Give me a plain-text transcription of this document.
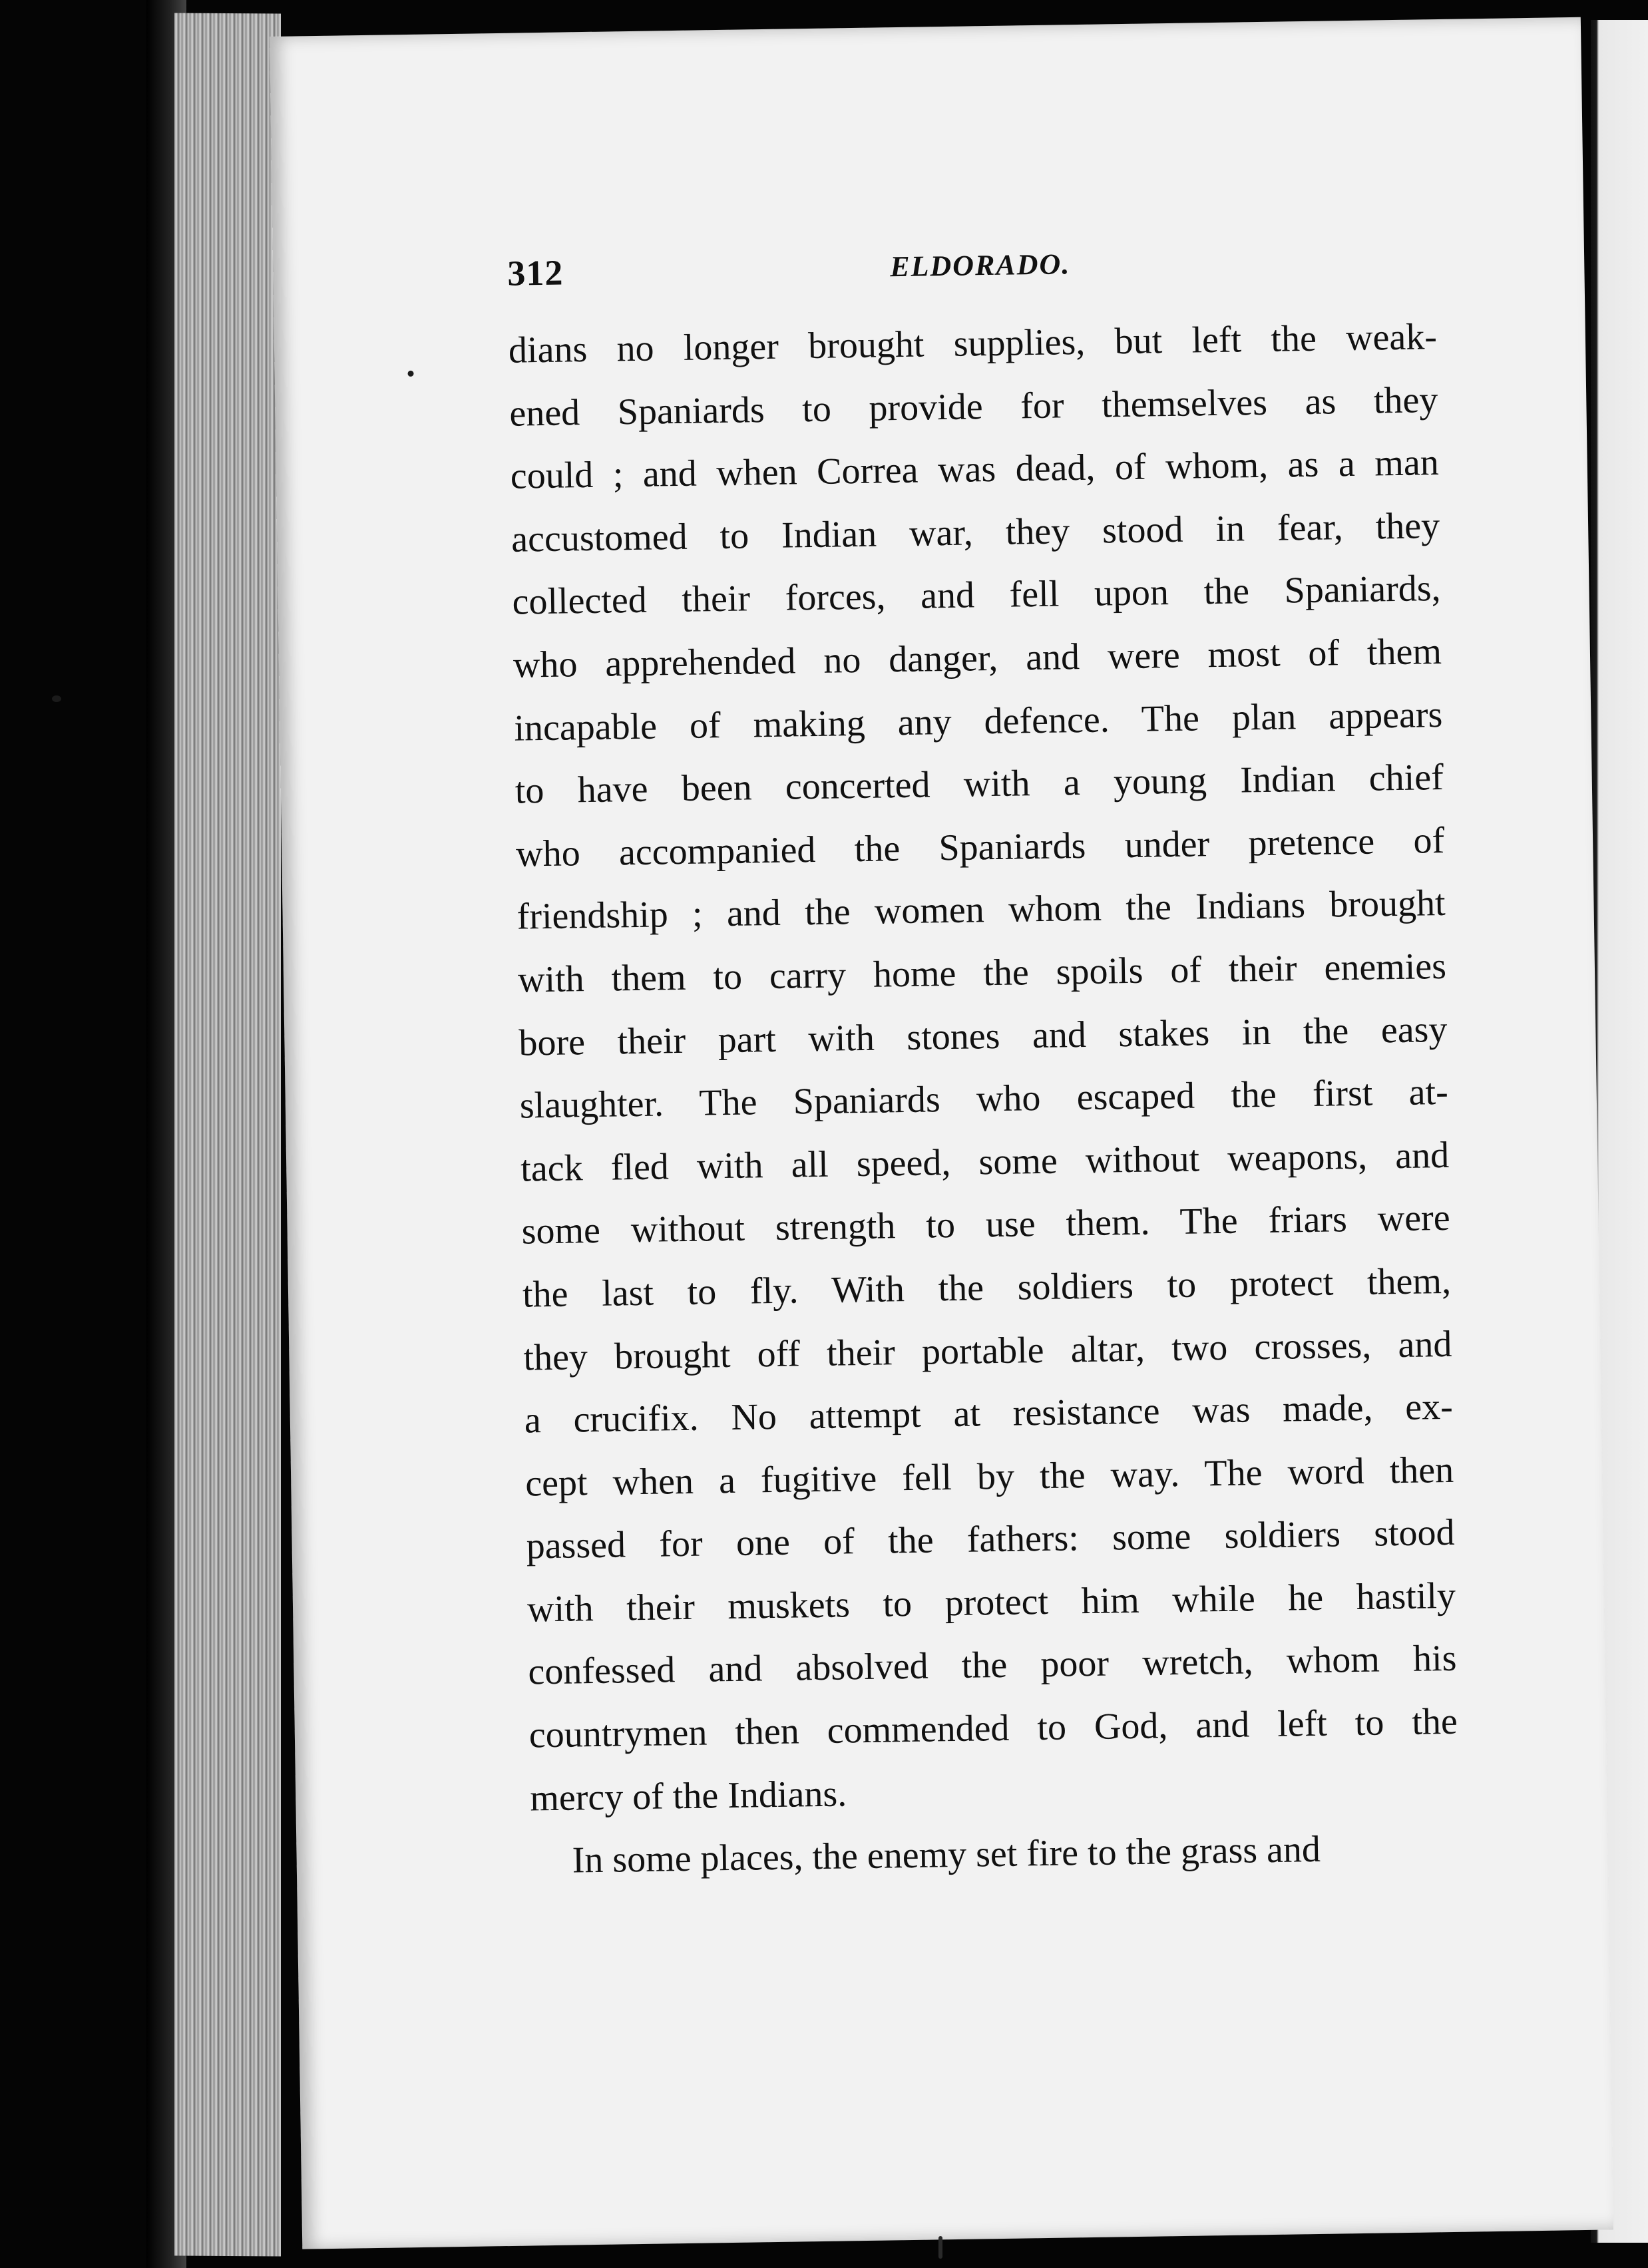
312	ELDORADO.
dians no longer brought supplies, but left the weak-
ened Spaniards to provide for themselves as they
could ; and when Correa was dead, of whom, as a man
accustomed to Indian war, they stood in fear, they
collected their forces, and fell upon the Spaniards,
who apprehended no danger, and were most of them
incapable of making any defence. The plan appears
to have been concerted with a young Indian chief
who accompanied the Spaniards under pretence of
friendship ; and the women whom the Indians brought
with them to carry home the spoils of their enemies
bore their part with stones and stakes in the easy
slaughter. The Spaniards who escaped the first at-
tack fled with all speed, some without weapons, and
some without strength to use them. The friars were
the last to fly. With the soldiers to protect them,
they brought off their portable altar, two crosses, and
a crucifix. No attempt at resistance was made, ex-
cept when a fugitive fell by the way. The word then
passed for one of the fathers: some soldiers stood
with their muskets to protect him while he hastily
confessed and absolved the poor wretch, whom his
countrymen then commended to God, and left to the
mercy of the Indians.
In some places, the enemy set fire to the grass and
